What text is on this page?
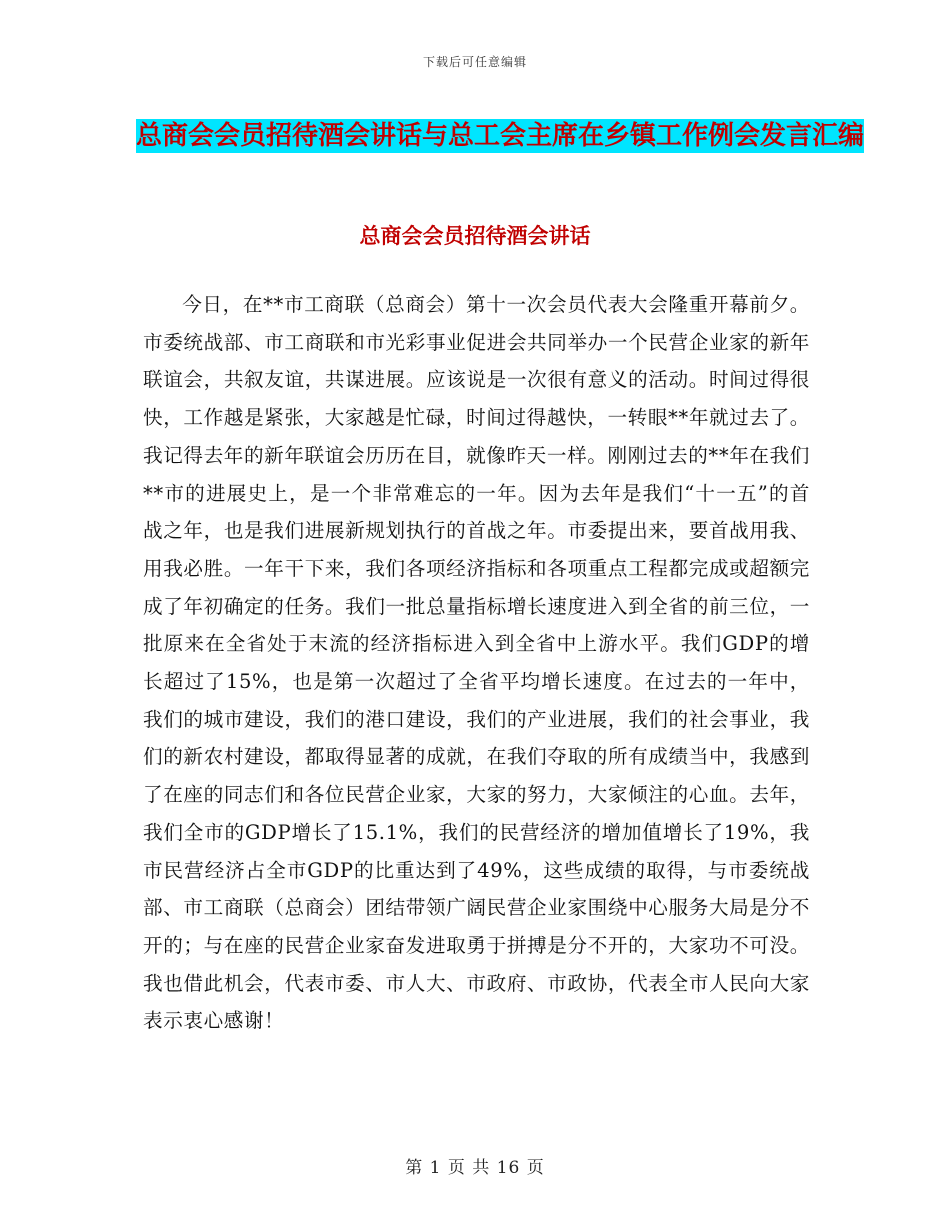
下载后可任意编辑
总商会会员招待酒会讲话与总工会主席在乡镇工作例会发言汇编
总商会会员招待酒会讲话

今日，在**市工商联（总商会）第十一次会员代表大会隆重开幕前夕。市委统战部、市工商联和市光彩事业促进会共同举办一个民营企业家的新年联谊会，共叙友谊，共谋进展。应该说是一次很有意义的活动。时间过得很快，工作越是紧张，大家越是忙碌，时间过得越快，一转眼**年就过去了。我记得去年的新年联谊会历历在目，就像昨天一样。刚刚过去的**年在我们**市的进展史上，是一个非常难忘的一年。因为去年是我们“十一五”的首战之年，也是我们进展新规划执行的首战之年。市委提出来，要首战用我、用我必胜。一年干下来，我们各项经济指标和各项重点工程都完成或超额完成了年初确定的任务。我们一批总量指标增长速度进入到全省的前三位，一批原来在全省处于末流的经济指标进入到全省中上游水平。我们GDP的增长超过了15%，也是第一次超过了全省平均增长速度。在过去的一年中，我们的城市建设，我们的港口建设，我们的产业进展，我们的社会事业，我们的新农村建设，都取得显著的成就，在我们夺取的所有成绩当中，我感到了在座的同志们和各位民营企业家，大家的努力，大家倾注的心血。去年，我们全市的GDP增长了15.1%，我们的民营经济的增加值增长了19%，我市民营经济占全市GDP的比重达到了49%，这些成绩的取得，与市委统战部、市工商联（总商会）团结带领广阔民营企业家围绕中心服务大局是分不开的；与在座的民营企业家奋发进取勇于拼搏是分不开的，大家功不可没。我也借此机会，代表市委、市人大、市政府、市政协，代表全市人民向大家表示衷心感谢！

第 1 页 共 16 页
